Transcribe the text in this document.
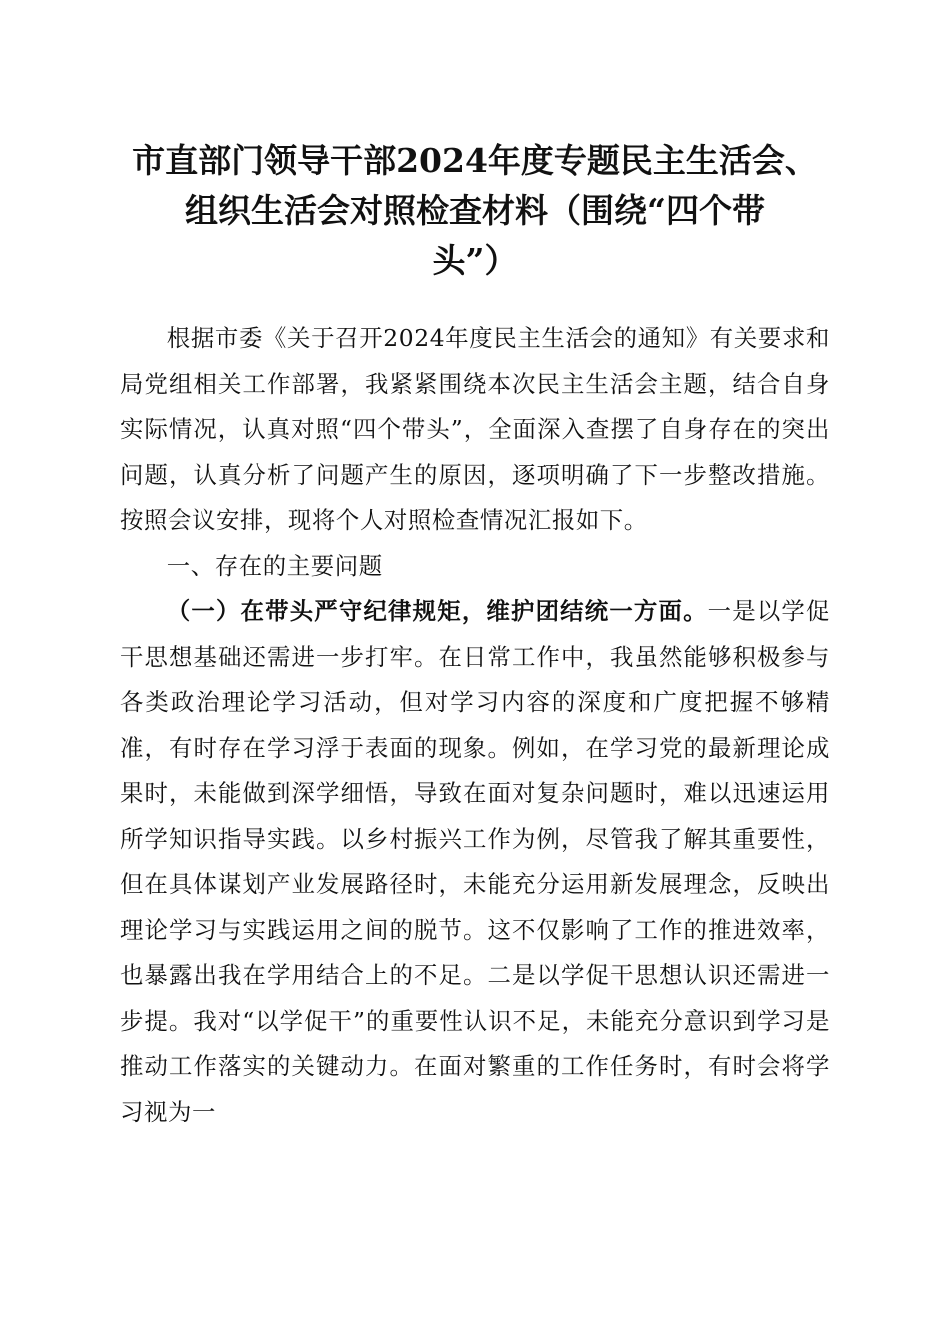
市直部门领导干部2024年度专题民主生活会、
组织生活会对照检查材料（围绕“四个带
头”）

根据市委《关于召开2024年度民主生活会的通知》有关要求和局党组相关工作部署，我紧紧围绕本次民主生活会主题，结合自身实际情况，认真对照“四个带头”，全面深入查摆了自身存在的突出问题，认真分析了问题产生的原因，逐项明确了下一步整改措施。按照会议安排，现将个人对照检查情况汇报如下。

一、存在的主要问题

（一）在带头严守纪律规矩，维护团结统一方面。一是以学促干思想基础还需进一步打牢。在日常工作中，我虽然能够积极参与各类政治理论学习活动，但对学习内容的深度和广度把握不够精准，有时存在学习浮于表面的现象。例如，在学习党的最新理论成果时，未能做到深学细悟，导致在面对复杂问题时，难以迅速运用所学知识指导实践。以乡村振兴工作为例，尽管我了解其重要性，但在具体谋划产业发展路径时，未能充分运用新发展理念，反映出理论学习与实践运用之间的脱节。这不仅影响了工作的推进效率，也暴露出我在学用结合上的不足。二是以学促干思想认识还需进一步提。我对“以学促干”的重要性认识不足，未能充分意识到学习是推动工作落实的关键动力。在面对繁重的工作任务时，有时会将学习视为一
